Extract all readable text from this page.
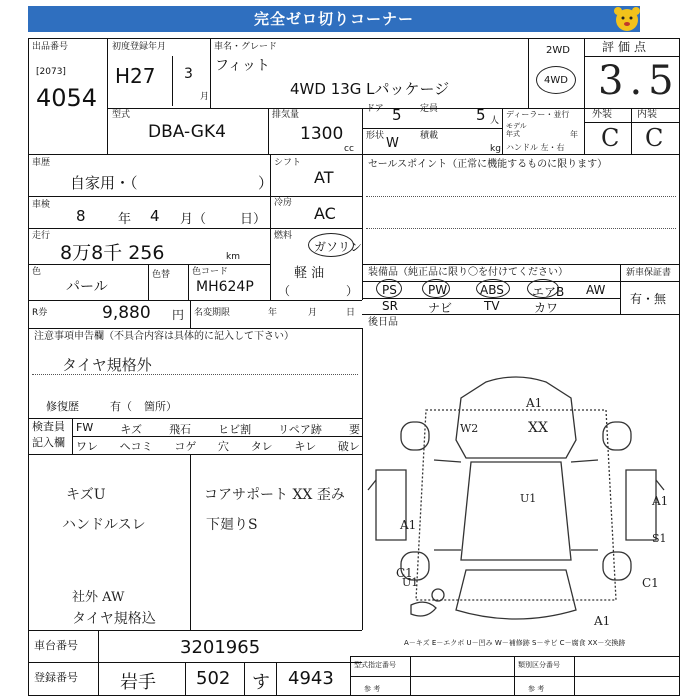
完全ゼロ切りコーナー
出品番号
[2073]
4054
初度登録年月
H27 3
月
車名・グレード
フィット
4WD 13G Lパッケージ
2WD
4WD
評価点
3.5
外装	内装
C C
型式
DBA-GK4
排気量
1300
cc
ドア 5 定員	5 人
形状 W 積載
kg
ディーラー・並行
モデル
年式	年
ハンドル 左・右
車歴
自家用・（	）
シフト
AT
車検
8 年 4 月（	日）
冷房
AC
走行
8万8千 256	km
燃料
ガソリン
軽 油
（	）
色
パール
色替 色コード
MH624P
R券	9,880 円 名変期限	年	月	日
セールスポイント（正常に機能するものに限ります）
装備品（純正品に限り〇を付けてください）	新車保証書
有・無
PS	PW	ABS エアB AW
SR	ナビ	TV	カワ
後日品
注意事項申告欄（不具合内容は具体的に記入して下さい）
タイヤ規格外
修復歴	有（ 箇所）
検査員
記入欄
FW キズ 飛石 ヒビ割 リペア跡 要
ワレ ヘコミ コゲ 穴 タレ キレ 破レ
キズU
ハンドルスレ
社外 AW
タイヤ規格込
コアサポート XX 歪み
下廻りS
A1
XX
W2
U1
A1
A1
S1
C1
U1	C1
A1
A－キズ E－エクボ U－凹み W－補修跡 S－サビ C－腐食 XX－交換跡
車台番号	3201965
登録番号 岩手 502 す 4943
型式指定番号
参 考
類別区分番号
参 考
